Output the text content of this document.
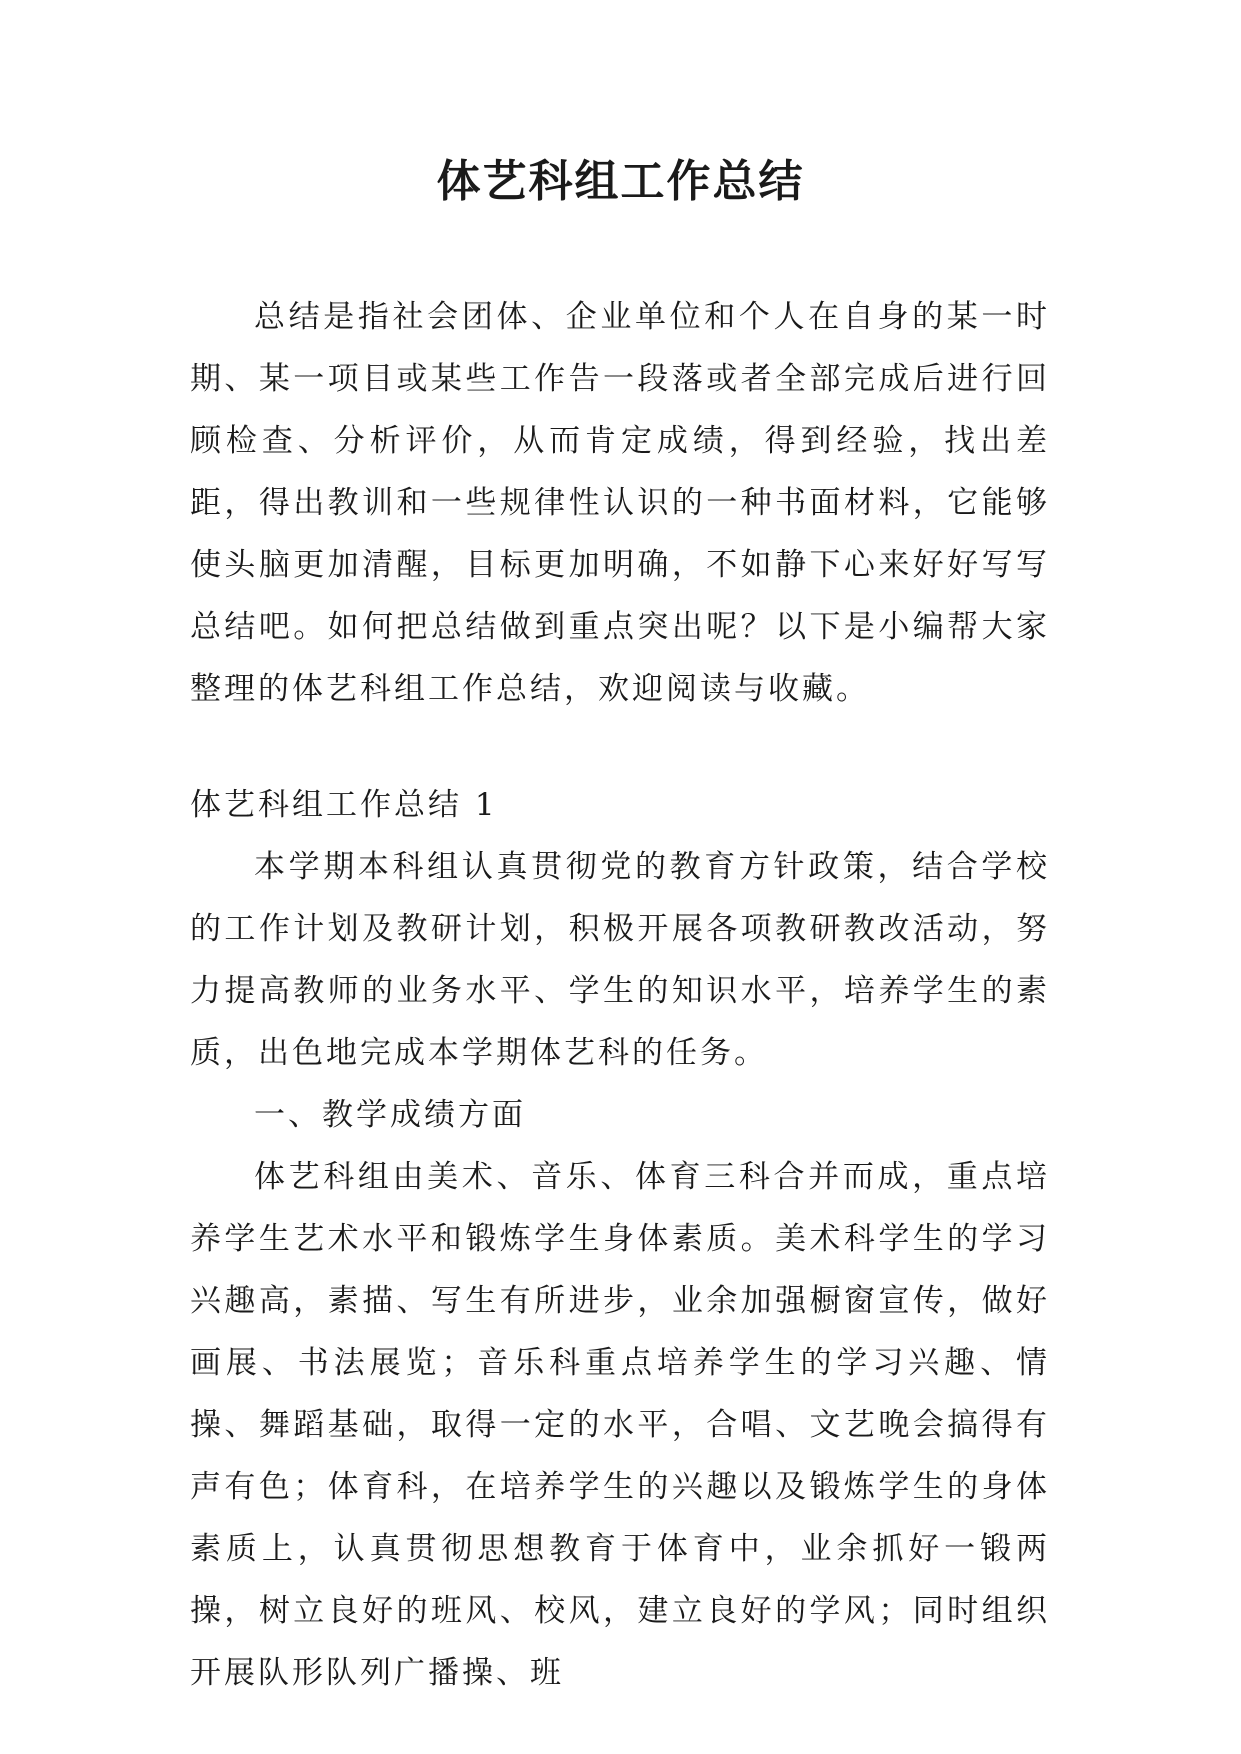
体艺科组工作总结

总结是指社会团体、企业单位和个人在自身的某一时期、某一项目或某些工作告一段落或者全部完成后进行回顾检查、分析评价，从而肯定成绩，得到经验，找出差距，得出教训和一些规律性认识的一种书面材料，它能够使头脑更加清醒，目标更加明确，不如静下心来好好写写总结吧。如何把总结做到重点突出呢？以下是小编帮大家整理的体艺科组工作总结，欢迎阅读与收藏。

体艺科组工作总结 1

本学期本科组认真贯彻党的教育方针政策，结合学校的工作计划及教研计划，积极开展各项教研教改活动，努力提高教师的业务水平、学生的知识水平，培养学生的素质，出色地完成本学期体艺科的任务。

一、教学成绩方面

体艺科组由美术、音乐、体育三科合并而成，重点培养学生艺术水平和锻炼学生身体素质。美术科学生的学习兴趣高，素描、写生有所进步，业余加强橱窗宣传，做好画展、书法展览；音乐科重点培养学生的学习兴趣、情操、舞蹈基础，取得一定的水平，合唱、文艺晚会搞得有声有色；体育科，在培养学生的兴趣以及锻炼学生的身体素质上，认真贯彻思想教育于体育中，业余抓好一锻两操，树立良好的班风、校风，建立良好的学风；同时组织开展队形队列广播操、班
